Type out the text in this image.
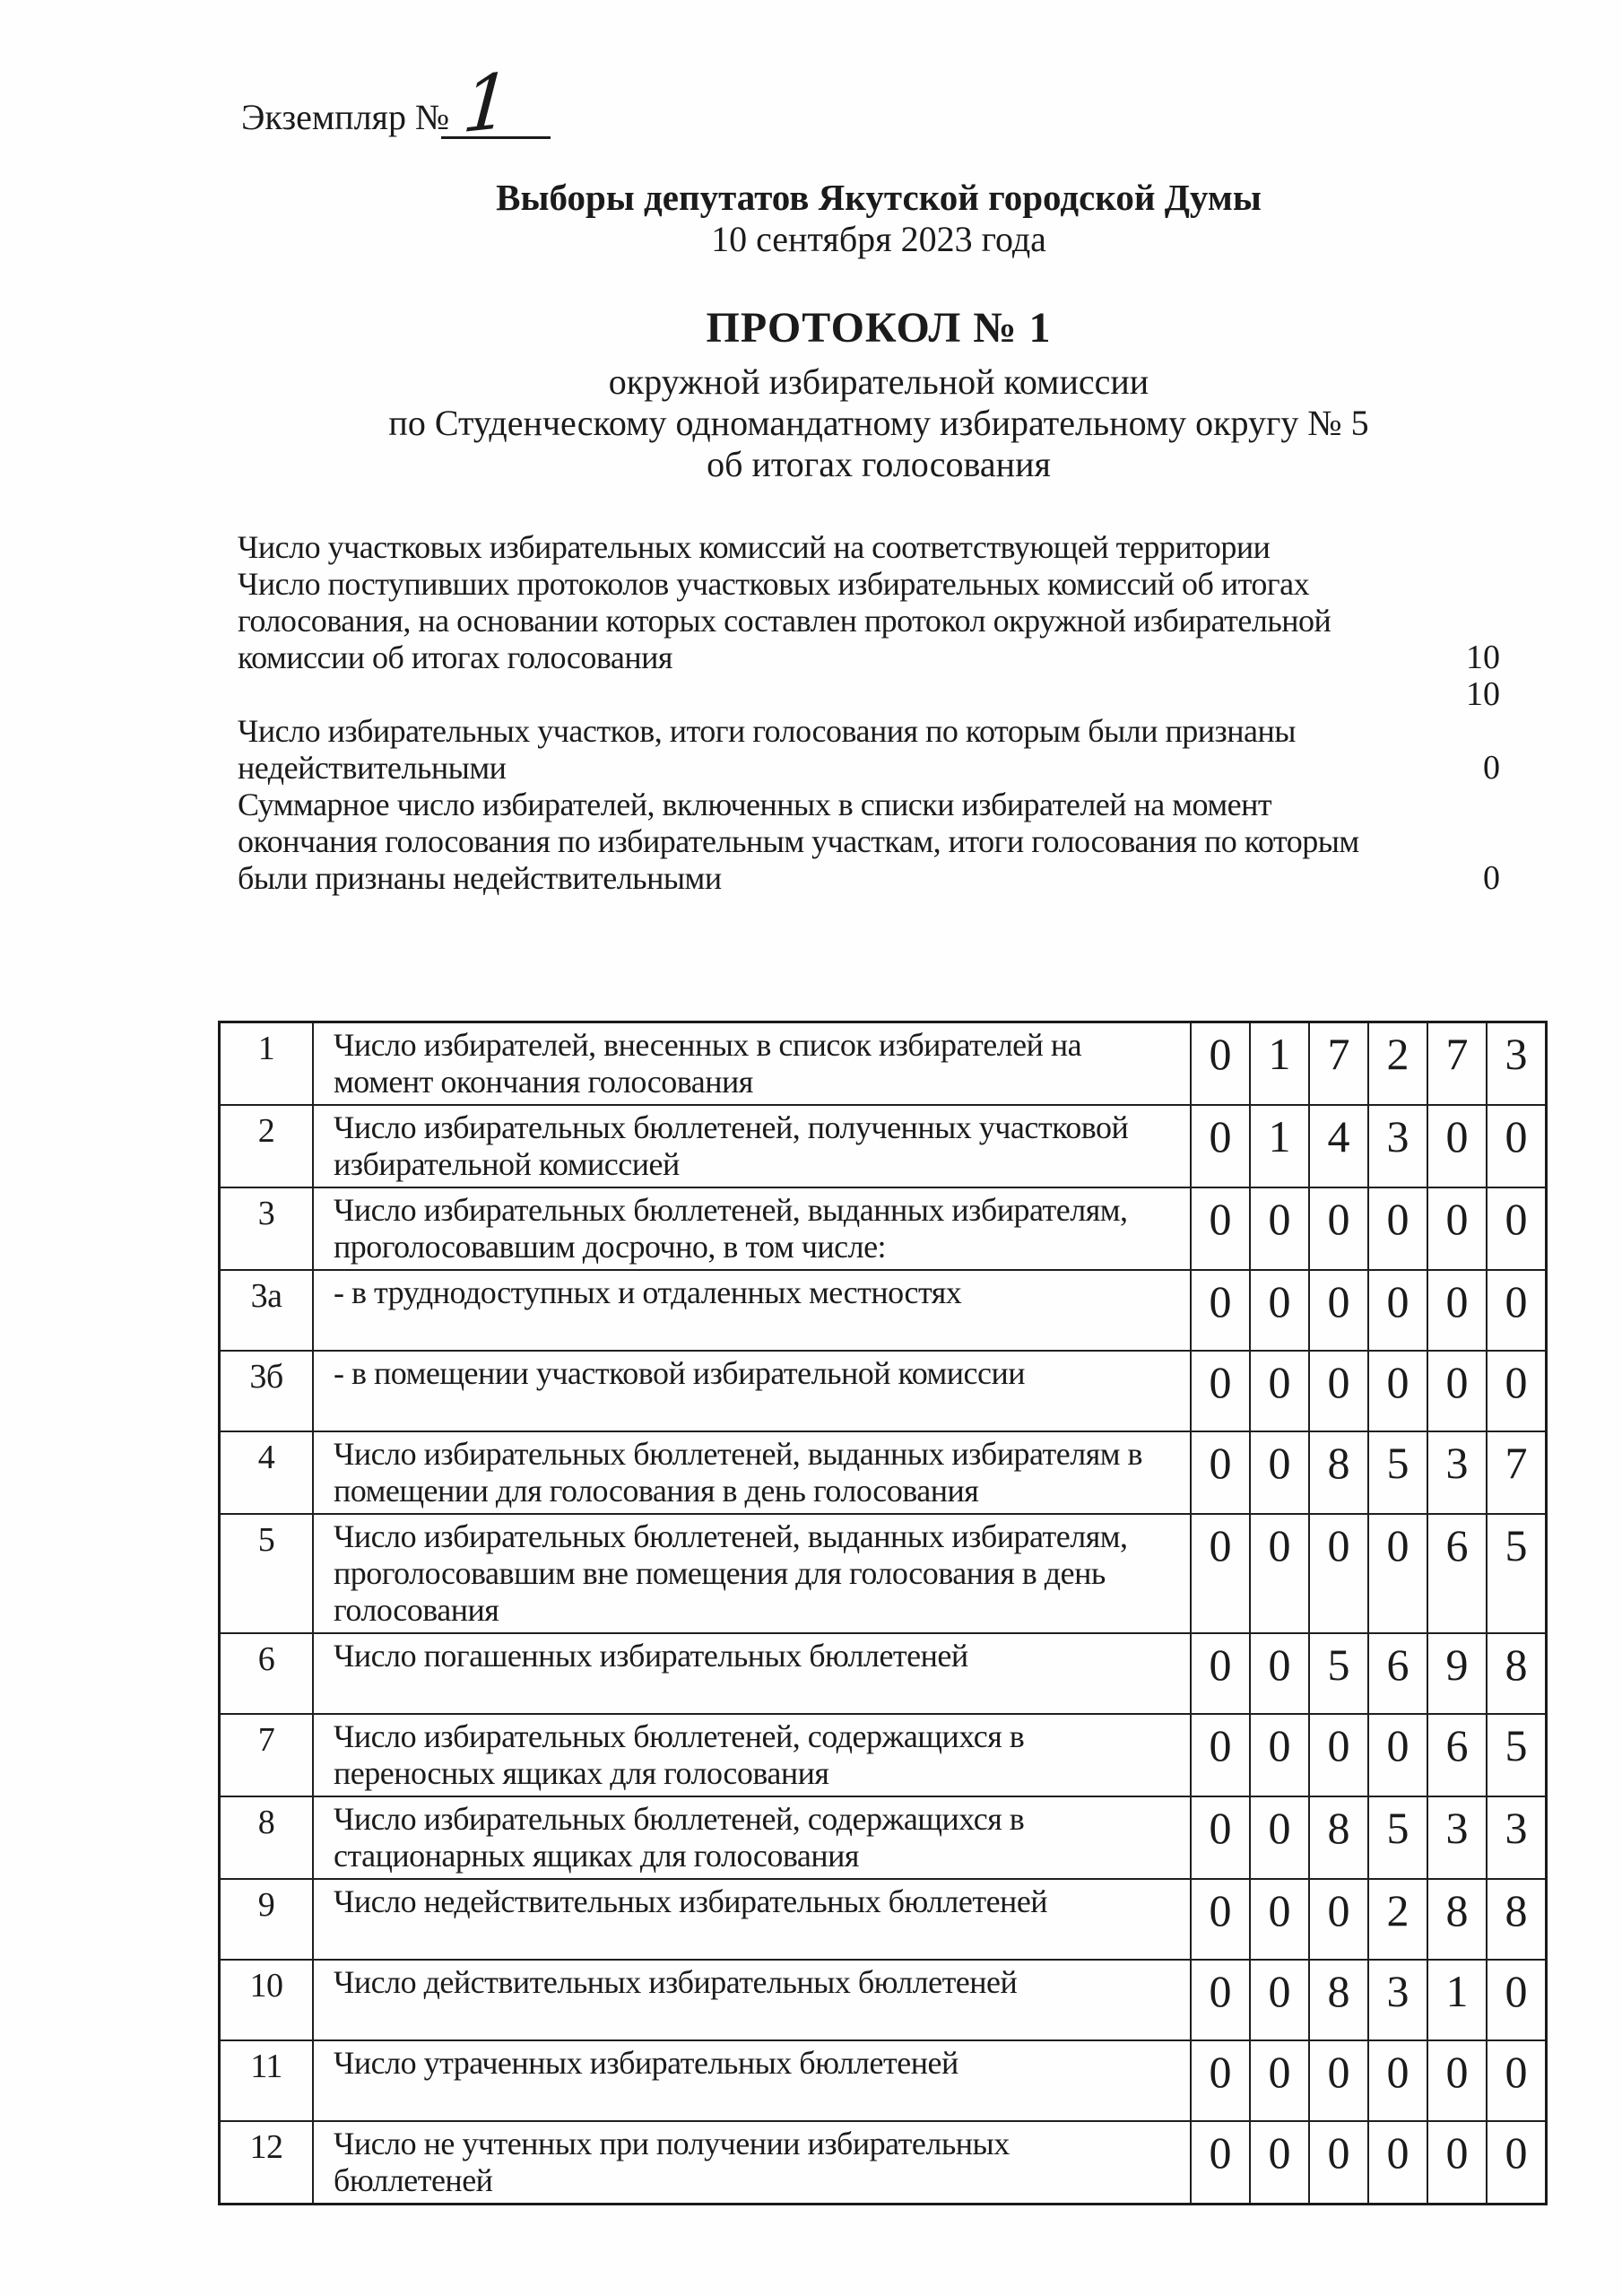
Экземпляр № 1
Выборы депутатов Якутской городской Думы
10 сентября 2023 года
ПРОТОКОЛ № 1
окружной избирательной комиссии
по Студенческому одномандатному избирательному округу № 5
об итогах голосования
Число участковых избирательных комиссий на соответствующей территории
Число поступивших протоколов участковых избирательных комиссий об итогах
голосования, на основании которых составлен протокол окружной избирательной
комиссии об итогах голосования	10
10
Число избирательных участков, итоги голосования по которым были признаны
недействительными	0
Суммарное число избирателей, включенных в списки избирателей на момент
окончания голосования по избирательным участкам, итоги голосования по которым
были признаны недействительными	0
1	Число избирателей, внесенных в список избирателей на момент окончания голосования	0	1	7	2	7	3
2	Число избирательных бюллетеней, полученных участковой избирательной комиссией	0	1	4	3	0	0
3	Число избирательных бюллетеней, выданных избирателям, проголосовавшим досрочно, в том числе:	0	0	0	0	0	0
3а	- в труднодоступных и отдаленных местностях	0	0	0	0	0	0
3б	- в помещении участковой избирательной комиссии	0	0	0	0	0	0
4	Число избирательных бюллетеней, выданных избирателям в помещении для голосования в день голосования	0	0	8	5	3	7
5	Число избирательных бюллетеней, выданных избирателям, проголосовавшим вне помещения для голосования в день голосования	0	0	0	0	6	5
6	Число погашенных избирательных бюллетеней	0	0	5	6	9	8
7	Число избирательных бюллетеней, содержащихся в переносных ящиках для голосования	0	0	0	0	6	5
8	Число избирательных бюллетеней, содержащихся в стационарных ящиках для голосования	0	0	8	5	3	3
9	Число недействительных избирательных бюллетеней	0	0	0	2	8	8
10	Число действительных избирательных бюллетеней	0	0	8	3	1	0
11	Число утраченных избирательных бюллетеней	0	0	0	0	0	0
12	Число не учтенных при получении избирательных бюллетеней	0	0	0	0	0	0
